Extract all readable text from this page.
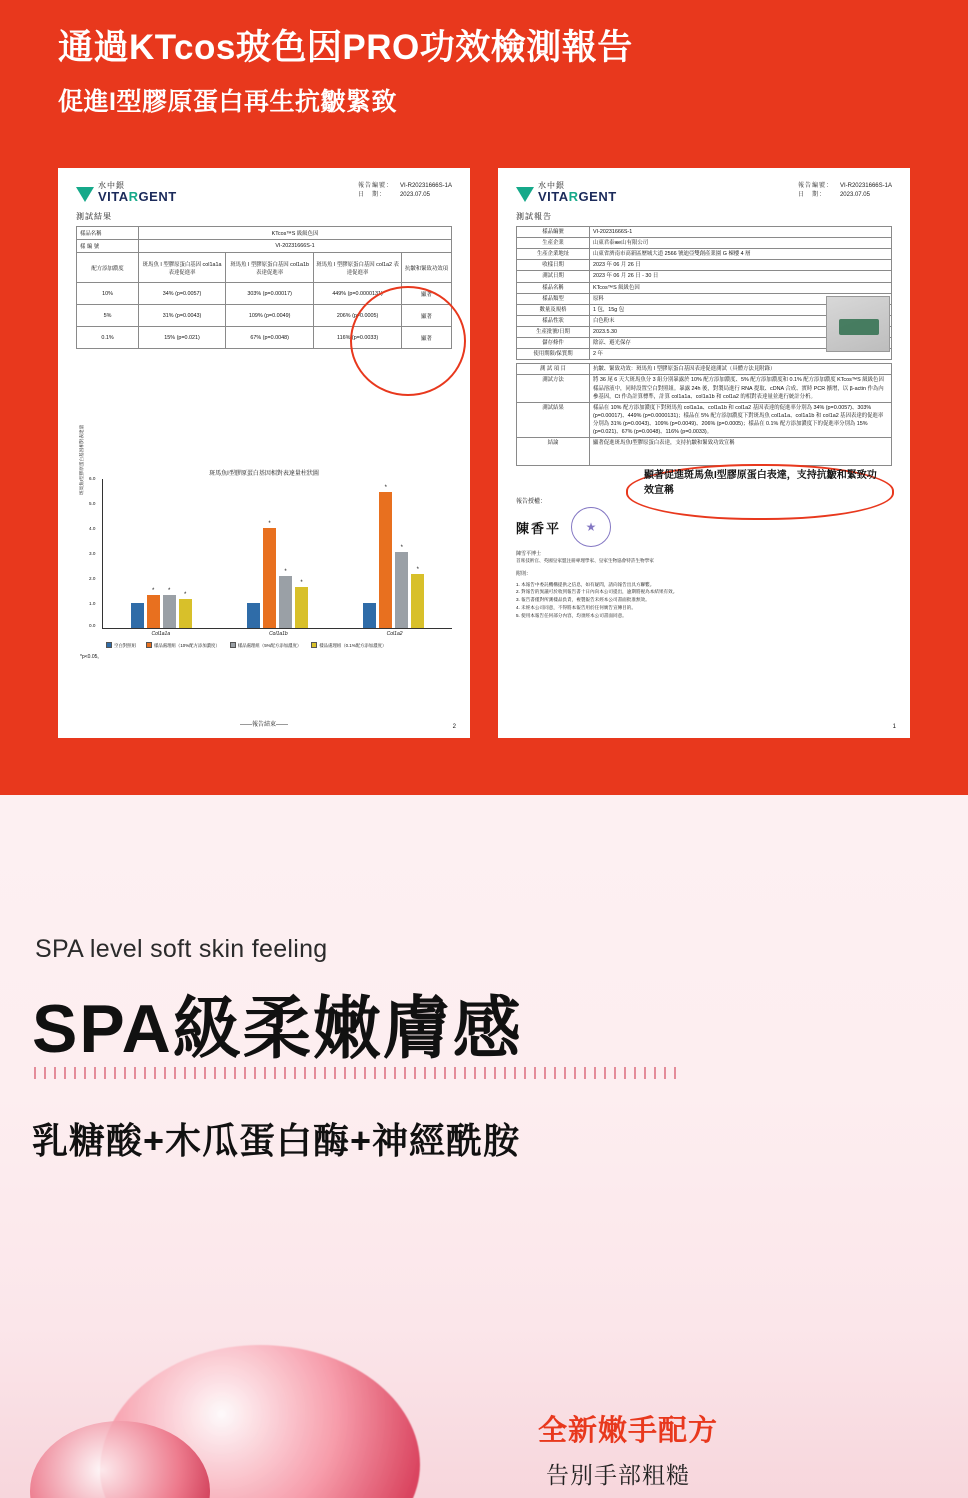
通過KTcos玻色因PRO功效檢測報告
促進I型膠原蛋白再生抗皺緊致
水中銀
VITARGENT
報告編號： VI-R20231666S-1A
日　期： 2023.07.05
測試結果
樣品名稱	KTcos™S 級級色因			
樣 編 號	VI-20231666S-1			
配方添加濃度	斑馬魚 I 型膠原蛋白基因 col1a1a 表達促進率	斑馬魚 I 型膠原蛋白基因 col1a1b 表達促進率	斑馬魚 I 型膠原蛋白基因 col1a2 表達促進率	抗皺和緊致功效項
10%	34% (p=0.0057)	303% (p=0.00017)	449% (p=0.0000131)	顯著
5%	31% (p=0.0043)	109% (p=0.0049)	206% (p=0.0005)	顯著
0.1%	15% (p=0.021)	67% (p=0.0048)	116% (p=0.0033)	顯著
斑馬魚I型膠原蛋白基因相對表達量柱狀圖
斑馬魚I型膠原蛋白基因相對表達量 6.0
5.0
4.0
3.0
2.0
1.0
0.0
* *
*
*
*
*
*
*
*
Col1a1a	Col1a1b	Col1a2
空白對照組	樣品處理組（10%配方添加濃度）	樣品處理組（5%配方添加濃度）	樣品處理組（0.1%配方添加濃度）
*p<0.05。
——報告結束——	2
水中銀
VITARGENT
報告編號： VI-R20231666S-1A
日　期： 2023.07.05
測試報告
樣品編號	VI-20231666S-1
生產企業	山東君泰же山有限公司
生產企業地址	山東省濟南市高新區歷城大道 2566 號迪亞雙創產業園 G 棟樓 4 層
收樣日期	2023 年 06 月 26 日
測試日期	2023 年 06 月 26 日 - 30 日
樣品名稱	KTcos™S 級級色因
樣品類型	原料
數量及規格	1 包，15g 包
樣品性狀	白色粉末
生產批號/日期	2023.5.30
儲存條件	陰涼、避光保存
使用期限/保質期	2 年
測 試 項 目	抗皺、緊致功效：斑馬魚 I 型膠原蛋白基因表達促進測試（具體方法見附錄）
測試方法	將 36 尾 6 天大斑馬魚分 3 組分別暴露於 10% 配方添加濃度、5% 配方添加濃度和 0.1% 配方添加濃度 KTcos™S 級級色因樣品溶液中，同時設置空白對照組。暴露 24h 後，對製局進行 RNA 提取、cDNA 合成、實時 PCR 擴增，以 β-actin 作為內參基因，Ct 作為計算標準，計算 col1a1a、col1a1b 和 col1a2 的相對表達量並進行統計分析。
測試結果	樣品在 10% 配方添加濃度下對斑馬魚 col1a1a、col1a1b 和 col1a2 基因表達的促進率分別為 34% (p=0.0057)、303% (p=0.00017)、449% (p=0.0000131)；樣品在 5% 配方添加濃度下對斑馬魚 col1a1a、col1a1b 和 col1a2 基因表達的促進率分別為 31% (p=0.0043)、109% (p=0.0049)、206% (p=0.0005)；樣品在 0.1% 配方添加濃度下的促進率分別為 15% (p=0.021)、67% (p=0.0048)、116% (p=0.0033)。
結論	顯著促進斑馬魚I型膠原蛋白表達，支持抗皺和緊致功效宣稱
顯著促進斑馬魚I型膠原蛋白表達，支持抗皺和緊致功效宣稱
報告授權：
陳香平
★
陳雪平博士
首席技術官、英國皇家盟注冊專理學家、皇家生物協會特許生物學家
附則：
1. 本報告中委託機構提供之信息，如有疑問，請向報告出具方聯繫。
2. 對報告的異議可於收到報告書十日內向本公司提出，逾期將視為本結果有效。
3. 報告書僅對所測樣品負責，複製報告未經本公司書面批准無效。
4. 未經本公司同意，不得將本報告用於任何廣告宣傳目的。
5. 使用本報告任何部分內容，均須經本公司書面同意。
1
SPA level soft skin feeling
SPA級柔嫩膚感
乳糖酸+木瓜蛋白酶+神經酰胺
全新嫩手配方
告別手部粗糙
